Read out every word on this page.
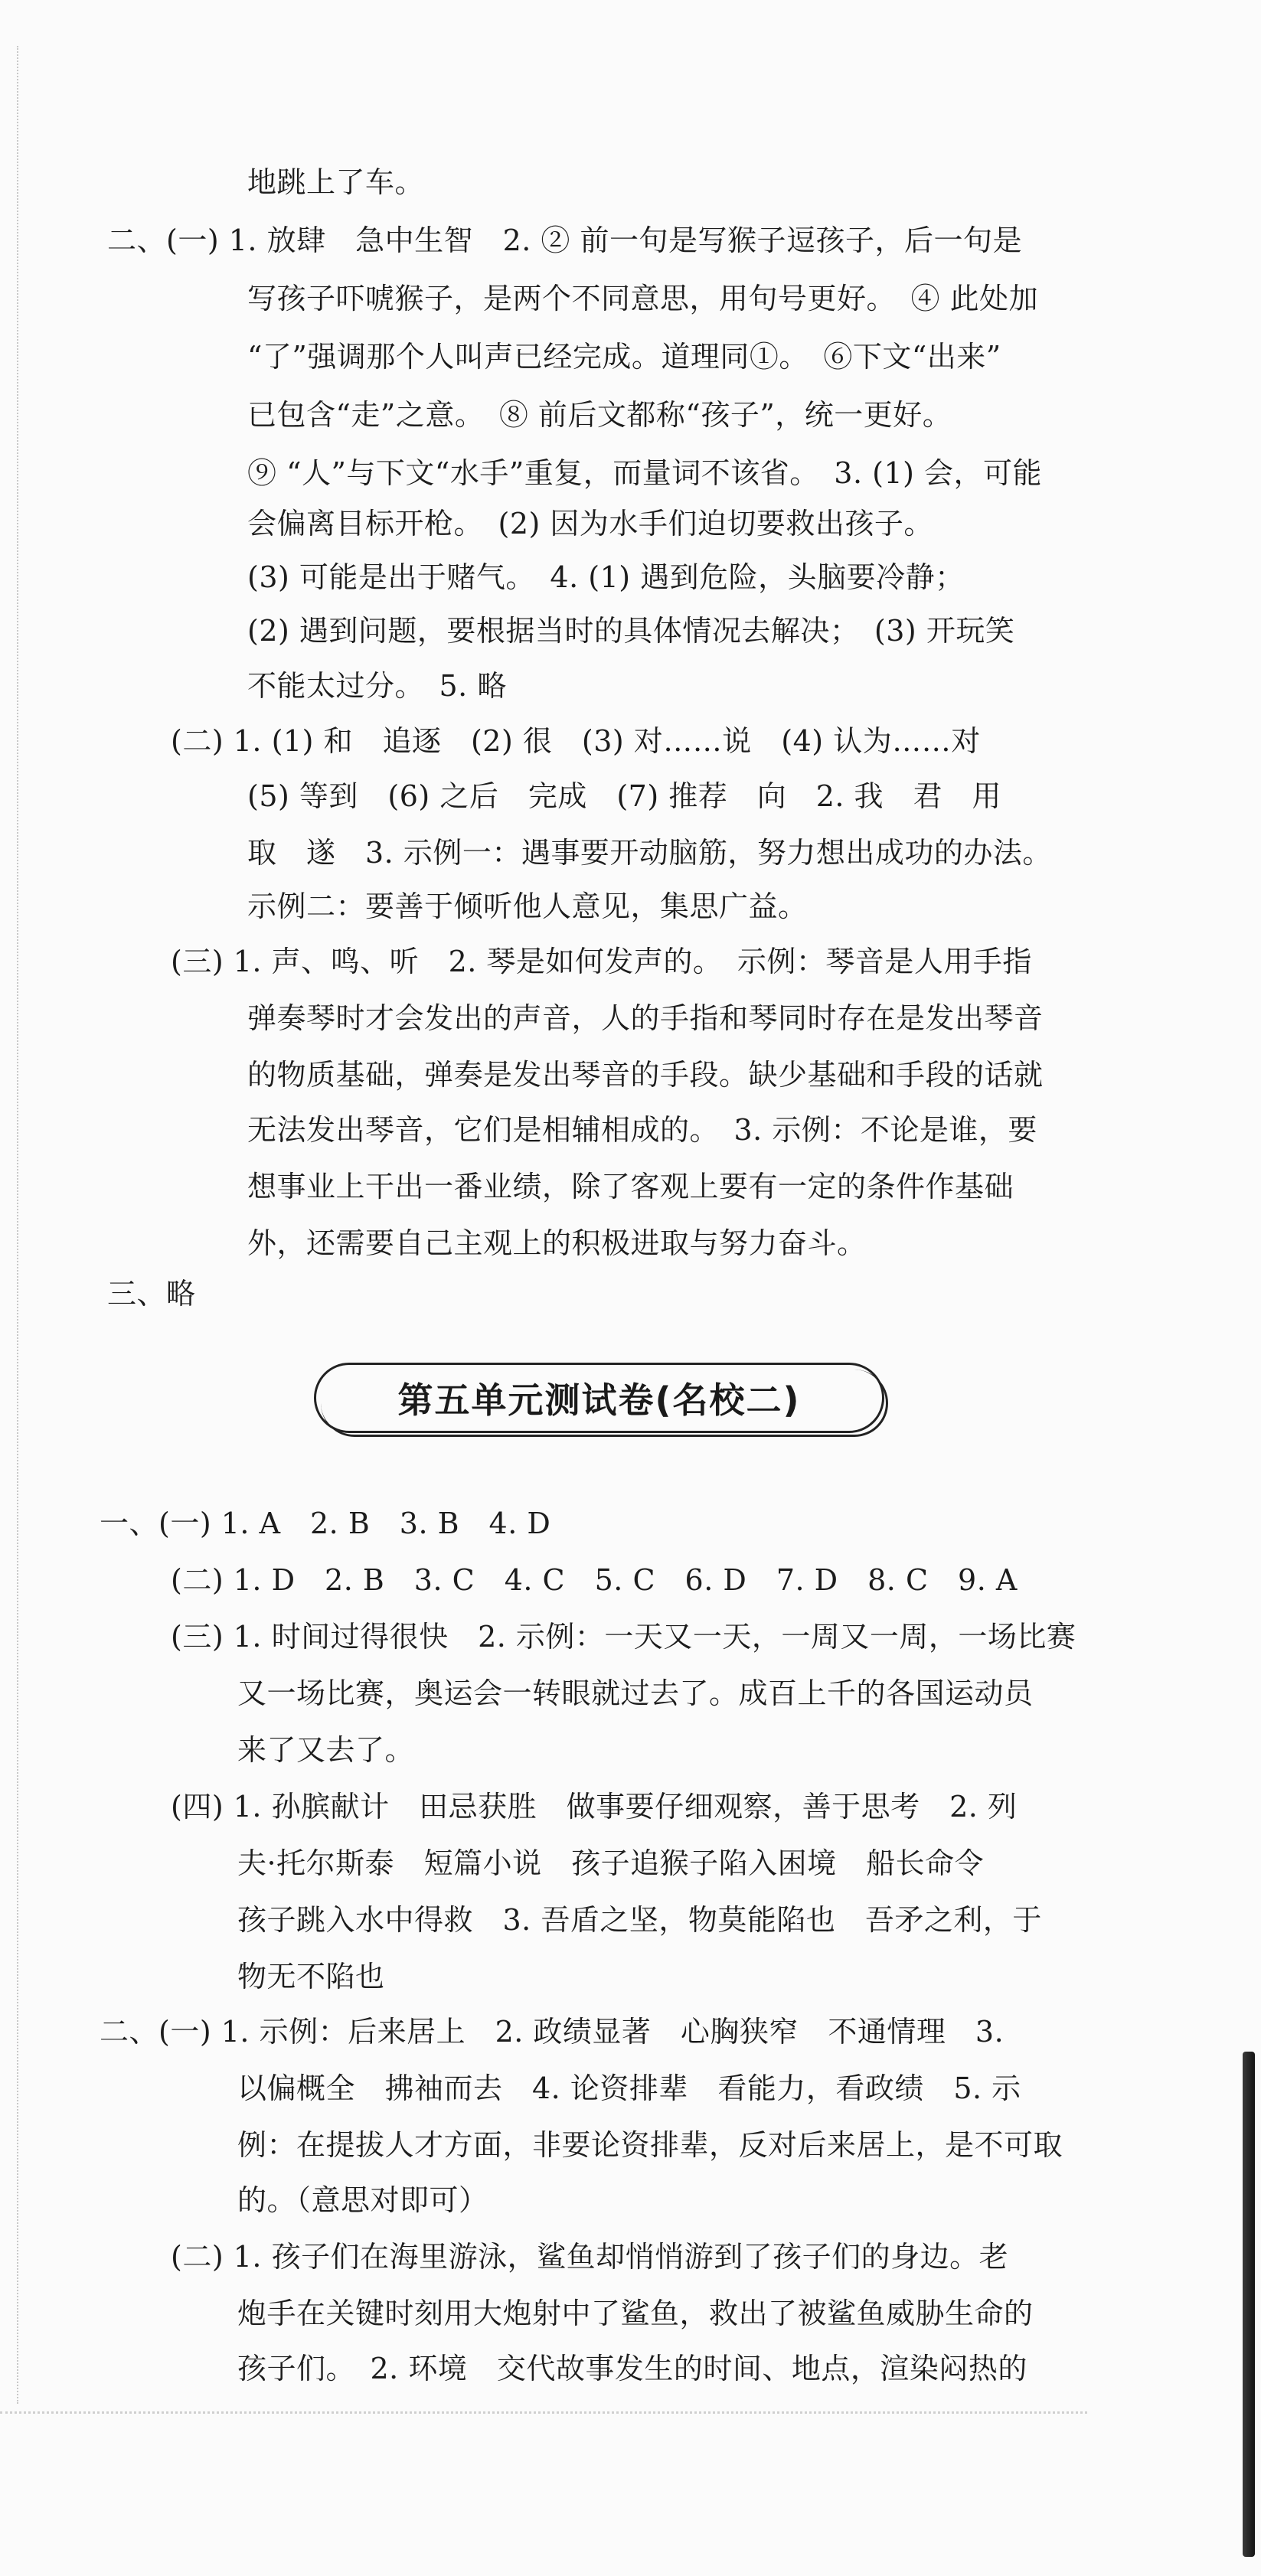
地跳上了车。
二、(一) 1. 放肆　急中生智　2. ② 前一句是写猴子逗孩子，后一句是
写孩子吓唬猴子，是两个不同意思，用句号更好。　④ 此处加
“了”强调那个人叫声已经完成。道理同①。　⑥下文“出来”
已包含“走”之意。　⑧ 前后文都称“孩子”，统一更好。
⑨ “人”与下文“水手”重复，而量词不该省。　3. (1) 会，可能
会偏离目标开枪。　(2) 因为水手们迫切要救出孩子。
(3) 可能是出于赌气。　4. (1) 遇到危险，头脑要冷静；
(2) 遇到问题，要根据当时的具体情况去解决；　(3) 开玩笑
不能太过分。　5. 略
(二) 1. (1) 和　追逐　(2) 很　(3) 对……说　(4) 认为……对
(5) 等到　(6) 之后　完成　(7) 推荐　向　2. 我　君　用
取　遂　3. 示例一：遇事要开动脑筋，努力想出成功的办法。
示例二：要善于倾听他人意见，集思广益。
(三) 1. 声、鸣、听　2. 琴是如何发声的。　示例：琴音是人用手指
弹奏琴时才会发出的声音，人的手指和琴同时存在是发出琴音
的物质基础，弹奏是发出琴音的手段。缺少基础和手段的话就
无法发出琴音，它们是相辅相成的。　3. 示例：不论是谁，要
想事业上干出一番业绩，除了客观上要有一定的条件作基础
外，还需要自己主观上的积极进取与努力奋斗。
三、略
第五单元测试卷(名校二)
一、(一) 1. A　2. B　3. B　4. D
(二) 1. D　2. B　3. C　4. C　5. C　6. D　7. D　8. C　9. A
(三) 1. 时间过得很快　2. 示例：一天又一天，一周又一周，一场比赛
又一场比赛，奥运会一转眼就过去了。成百上千的各国运动员
来了又去了。
(四) 1. 孙膑献计　田忌获胜　做事要仔细观察，善于思考　2. 列
夫·托尔斯泰　短篇小说　孩子追猴子陷入困境　船长命令
孩子跳入水中得救　3. 吾盾之坚，物莫能陷也　吾矛之利，于
物无不陷也
二、(一) 1. 示例：后来居上　2. 政绩显著　心胸狭窄　不通情理　3.
以偏概全　拂袖而去　4. 论资排辈　看能力，看政绩　5. 示
例：在提拔人才方面，非要论资排辈，反对后来居上，是不可取
的。（意思对即可）
(二) 1. 孩子们在海里游泳，鲨鱼却悄悄游到了孩子们的身边。老
炮手在关键时刻用大炮射中了鲨鱼，救出了被鲨鱼威胁生命的
孩子们。　2. 环境　交代故事发生的时间、地点，渲染闷热的
